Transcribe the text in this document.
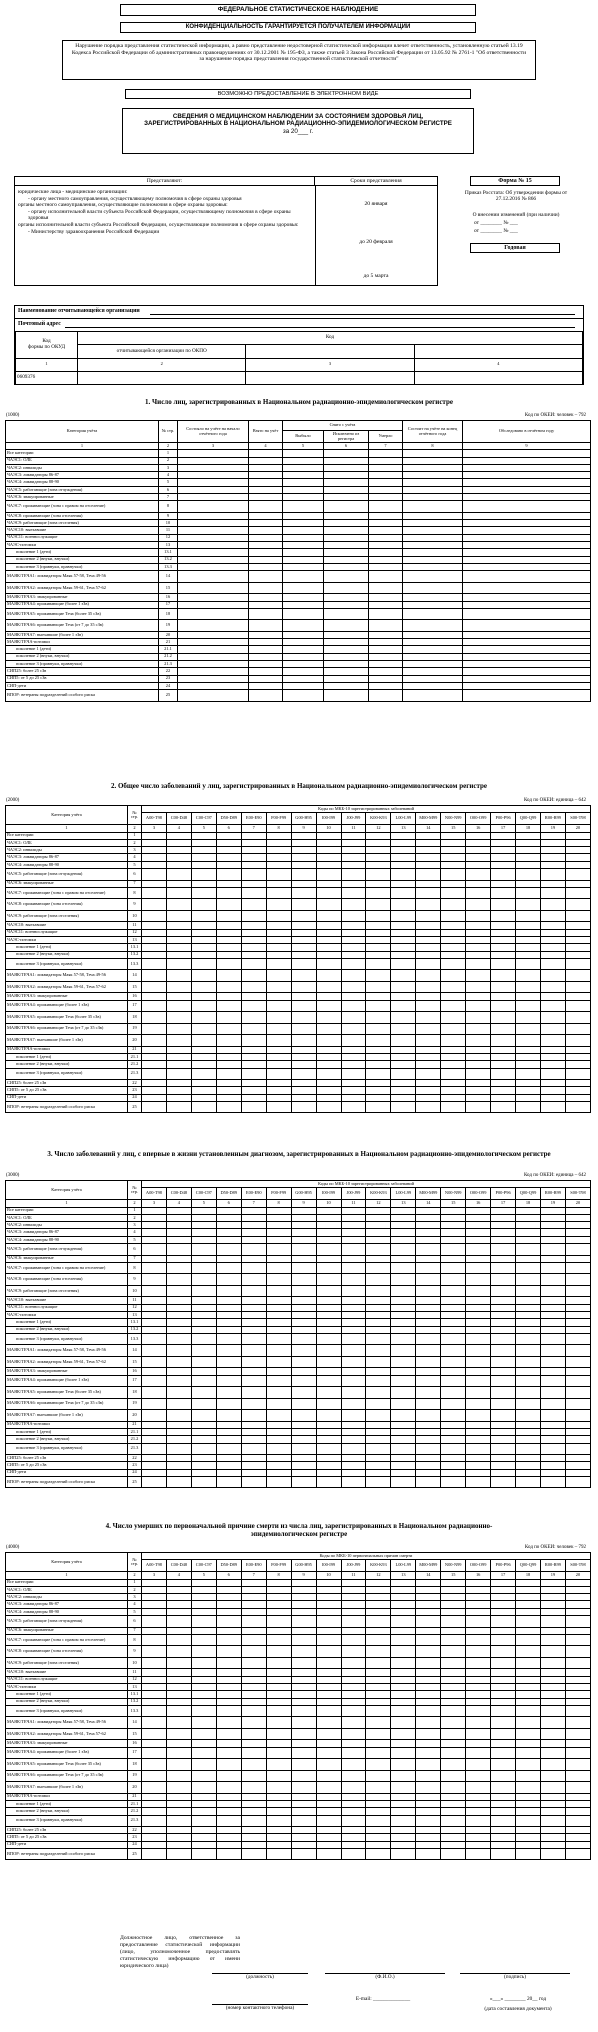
ФЕДЕРАЛЬНОЕ СТАТИСТИЧЕСКОЕ НАБЛЮДЕНИЕ
КОНФИДЕНЦИАЛЬНОСТЬ ГАРАНТИРУЕТСЯ ПОЛУЧАТЕЛЕМ ИНФОРМАЦИИ
Нарушение порядка представления статистической информации, а равно представление недостоверной статистической информации влечет ответственность, установленную статьей 13.19 Кодекса Российской Федерации об административных правонарушениях от 30.12.2001 № 195-ФЗ, а также статьей 3 Закона Российской Федерации от 13.05.92 № 2761-1 "Об ответственности за нарушение порядка представления государственной статистической отчетности"
ВОЗМОЖНО ПРЕДОСТАВЛЕНИЕ В ЭЛЕКТРОННОМ ВИДЕ
СВЕДЕНИЯ О МЕДИЦИНСКОМ НАБЛЮДЕНИИ ЗА СОСТОЯНИЕМ ЗДОРОВЬЯ ЛИЦ, ЗАРЕГИСТРИРОВАННЫХ В НАЦИОНАЛЬНОМ РАДИАЦИОННО-ЭПИДЕМИОЛОГИЧЕСКОМ РЕГИСТРЕ
за 20___ г.
Представляют:	Сроки представления
юридические лица - медицинские организации:
- органу местного самоуправления, осуществляющему полномочия в сфере охраны здоровья
органы местного самоуправления, осуществляющие полномочия в сфере охраны здоровья:
- органу исполнительной власти субъекта Российской Федерации, осуществляющему полномочия в сфере охраны здоровья
органы исполнительной власти субъекта Российской Федерации, осуществляющие полномочия в сфере охраны здоровья:
- Министерству здравоохранения Российской Федерации
20 января
до 20 февраля
до 5 марта
Форма № 15
Приказ Росстата: Об утверждении формы от 27.12.2016 № 866
О внесении изменений (при наличии)
от ________ № ___
от ________ № ___
Годовая
Наименование отчитывающейся организации
Почтовый адрес
Код
формы по ОКУД	Код		
	отчитывающейся организации по ОКПО		
1	2	3	4
0609376			
1. Число лиц, зарегистрированных в Национальном радиационно-эпидемиологическом регистре
(1000)	Код по ОКЕИ: человек – 792
Категория учёта	№ стр.	Состояло на учёте на начало отчётного года	Взято на учёт	Снято с учёта			Состоит на учёте на конец отчётного года	Обследовано в отчётном году
				Выбыло	Исключено из регистра	Умерло		
1	2	3	4	5	6	7	8	9
Все категории	1							
ЧАЭС1: ОЛБ	2							
ЧАЭС2: инвалиды	3							
ЧАЭС3: ликвидаторы 86-87	4							
ЧАЭС4: ликвидаторы 88-90	5							
ЧАЭС5: работающие (зона отчуждения)	6							
ЧАЭС6: эвакуированные	7							
ЧАЭС7: проживающие (зона с правом на отселение)	8							
ЧАЭС8: проживающие (зона отселения)	9							
ЧАЭС9: работающие (зона отселения)	10							
ЧАЭС10: выехавшие	11							
ЧАЭС11: военнослужащие	12							
ЧАЭС-потомки	13							
поколение 1 (дети)	13.1							
поколение 2 (внуки, внучки)	13.2							
поколение 3 (правнуки, правнучки)	13.3							
МАЯК/ТЕЧА1: ликвидаторы Маяк 57-58, Теча 49-56	14							
МАЯК/ТЕЧА2: ликвидаторы Маяк 59-61, Теча 57-62	15							
МАЯК/ТЕЧА3: эвакуированные	16							
МАЯК/ТЕЧА4: проживающие (более 1 зЗв)	17							
МАЯК/ТЕЧА5: проживающие Теча (более 35 сЗв)	18							
МАЯК/ТЕЧА6: проживающие Теча (от 7 до 35 сЗв)	19							
МАЯК/ТЕЧА7: выехавшие (более 1 зЗв)	20							
МАЯК/ТЕЧА-потомки	21							
поколение 1 (дети)	21.1							
поколение 2 (внуки, внучки)	21.2							
поколение 3 (правнуки, правнучки)	21.3							
СИП25: более 25 сЗв	22							
СИП5: от 5 до 25 сЗв	23							
СИП-дети	24							
ВПОР: ветераны подразделений особого риска	25							
2. Общее число заболеваний у лиц, зарегистрированных в Национальном радиационно-эпидемиологическом регистре
(2000)	Код по ОКЕИ: единица – 642
Категория учёта	№ стр.	Коды по МКБ-10 зарегистрированных заболеваний																	
		A00-T98	C00-D48	C00-C97	D50-D89	E00-E90	F00-F99	G00-H95	I00-I99	J00-J99	K00-K93	L00-L99	M00-M99	N00-N99	O00-O99	P00-P96	Q00-Q99	R00-R99	S00-T98
1	2	3	4	5	6	7	8	9	10	11	12	13	14	15	16	17	18	19	20
Все категории	1																		
ЧАЭС1: ОЛБ	2																		
ЧАЭС2: инвалиды	3																		
ЧАЭС3: ликвидаторы 86-87	4																		
ЧАЭС4: ликвидаторы 88-90	5																		
ЧАЭС5: работающие (зона отчуждения)	6																		
ЧАЭС6: эвакуированные	7																		
ЧАЭС7: проживающие (зона с правом на отселение)	8																		
ЧАЭС8: проживающие (зона отселения)	9																		
ЧАЭС9: работающие (зона отселения)	10																		
ЧАЭС10: выехавшие	11																		
ЧАЭС11: военнослужащие	12																		
ЧАЭС-потомки	13																		
поколение 1 (дети)	13.1																		
поколение 2 (внуки, внучки)	13.2																		
поколение 3 (правнуки, правнучки)	13.3																		
МАЯК/ТЕЧА1: ликвидаторы Маяк 57-58, Теча 49-56	14																		
МАЯК/ТЕЧА2: ликвидаторы Маяк 59-61, Теча 57-62	15																		
МАЯК/ТЕЧА3: эвакуированные	16																		
МАЯК/ТЕЧА4: проживающие (более 1 зЗв)	17																		
МАЯК/ТЕЧА5: проживающие Теча (более 35 сЗв)	18																		
МАЯК/ТЕЧА6: проживающие Теча (от 7 до 35 сЗв)	19																		
МАЯК/ТЕЧА7: выехавшие (более 1 зЗв)	20																		
МАЯК/ТЕЧА-потомки	21																		
поколение 1 (дети)	21.1																		
поколение 2 (внуки, внучки)	21.2																		
поколение 3 (правнуки, правнучки)	21.3																		
СИП25: более 25 сЗв	22																		
СИП5: от 5 до 25 сЗв	23																		
СИП-дети	24																		
ВПОР: ветераны подразделений особого риска	25																		
3. Число заболеваний у лиц, с впервые в жизни установленным диагнозом, зарегистрированных в Национальном радиационно-эпидемиологическом регистре
(3000)	Код по ОКЕИ: единица – 642
Категория учёта	№ стр.	Коды по МКБ-10 зарегистрированных заболеваний																	
		A00-T98	C00-D48	C00-C97	D50-D89	E00-E90	F00-F99	G00-H95	I00-I99	J00-J99	K00-K93	L00-L99	M00-M99	N00-N99	O00-O99	P00-P96	Q00-Q99	R00-R99	S00-T98
1	2	3	4	5	6	7	8	9	10	11	12	13	14	15	16	17	18	19	20
Все категории	1																		
ЧАЭС1: ОЛБ	2																		
ЧАЭС2: инвалиды	3																		
ЧАЭС3: ликвидаторы 86-87	4																		
ЧАЭС4: ликвидаторы 88-90	5																		
ЧАЭС5: работающие (зона отчуждения)	6																		
ЧАЭС6: эвакуированные	7																		
ЧАЭС7: проживающие (зона с правом на отселение)	8																		
ЧАЭС8: проживающие (зона отселения)	9																		
ЧАЭС9: работающие (зона отселения)	10																		
ЧАЭС10: выехавшие	11																		
ЧАЭС11: военнослужащие	12																		
ЧАЭС-потомки	13																		
поколение 1 (дети)	13.1																		
поколение 2 (внуки, внучки)	13.2																		
поколение 3 (правнуки, правнучки)	13.3																		
МАЯК/ТЕЧА1: ликвидаторы Маяк 57-58, Теча 49-56	14																		
МАЯК/ТЕЧА2: ликвидаторы Маяк 59-61, Теча 57-62	15																		
МАЯК/ТЕЧА3: эвакуированные	16																		
МАЯК/ТЕЧА4: проживающие (более 1 зЗв)	17																		
МАЯК/ТЕЧА5: проживающие Теча (более 35 сЗв)	18																		
МАЯК/ТЕЧА6: проживающие Теча (от 7 до 35 сЗв)	19																		
МАЯК/ТЕЧА7: выехавшие (более 1 зЗв)	20																		
МАЯК/ТЕЧА-потомки	21																		
поколение 1 (дети)	21.1																		
поколение 2 (внуки, внучки)	21.2																		
поколение 3 (правнуки, правнучки)	21.3																		
СИП25: более 25 сЗв	22																		
СИП5: от 5 до 25 сЗв	23																		
СИП-дети	24																		
ВПОР: ветераны подразделений особого риска	25																		
4. Число умерших по первоначальной причине смерти из числа лиц, зарегистрированных в Национальном радиационно-эпидемиологическом регистре
(4000)	Код по ОКЕИ: человек – 792
Категория учёта	№ стр.	Коды по МКБ-10 первоначальных причин смерти																	
		A00-T98	C00-D48	C00-C97	D50-D89	E00-E90	F00-F99	G00-H95	I00-I99	J00-J99	K00-K93	L00-L99	M00-M99	N00-N99	O00-O99	P00-P96	Q00-Q99	R00-R99	S00-T98
1	2	3	4	5	6	7	8	9	10	11	12	13	14	15	16	17	18	19	20
Все категории	1																		
ЧАЭС1: ОЛБ	2																		
ЧАЭС2: инвалиды	3																		
ЧАЭС3: ликвидаторы 86-87	4																		
ЧАЭС4: ликвидаторы 88-90	5																		
ЧАЭС5: работающие (зона отчуждения)	6																		
ЧАЭС6: эвакуированные	7																		
ЧАЭС7: проживающие (зона с правом на отселение)	8																		
ЧАЭС8: проживающие (зона отселения)	9																		
ЧАЭС9: работающие (зона отселения)	10																		
ЧАЭС10: выехавшие	11																		
ЧАЭС11: военнослужащие	12																		
ЧАЭС-потомки	13																		
поколение 1 (дети)	13.1																		
поколение 2 (внуки, внучки)	13.2																		
поколение 3 (правнуки, правнучки)	13.3																		
МАЯК/ТЕЧА1: ликвидаторы Маяк 57-58, Теча 49-56	14																		
МАЯК/ТЕЧА2: ликвидаторы Маяк 59-61, Теча 57-62	15																		
МАЯК/ТЕЧА3: эвакуированные	16																		
МАЯК/ТЕЧА4: проживающие (более 1 зЗв)	17																		
МАЯК/ТЕЧА5: проживающие Теча (более 35 сЗв)	18																		
МАЯК/ТЕЧА6: проживающие Теча (от 7 до 35 сЗв)	19																		
МАЯК/ТЕЧА7: выехавшие (более 1 зЗв)	20																		
МАЯК/ТЕЧА-потомки	21																		
поколение 1 (дети)	21.1																		
поколение 2 (внуки, внучки)	21.2																		
поколение 3 (правнуки, правнучки)	21.3																		
СИП25: более 25 сЗв	22																		
СИП5: от 5 до 25 сЗв	23																		
СИП-дети	24																		
ВПОР: ветераны подразделений особого риска	25																		
Должностное лицо, ответственное за предоставление статистической информации (лицо, уполномоченное предоставлять статистическую информацию от имени юридического лица)
(должность)	(Ф.И.О.)	(подпись)
(номер контактного телефона)
E-mail: ______________	«___» ________ 20__ год
(дата составления документа)
